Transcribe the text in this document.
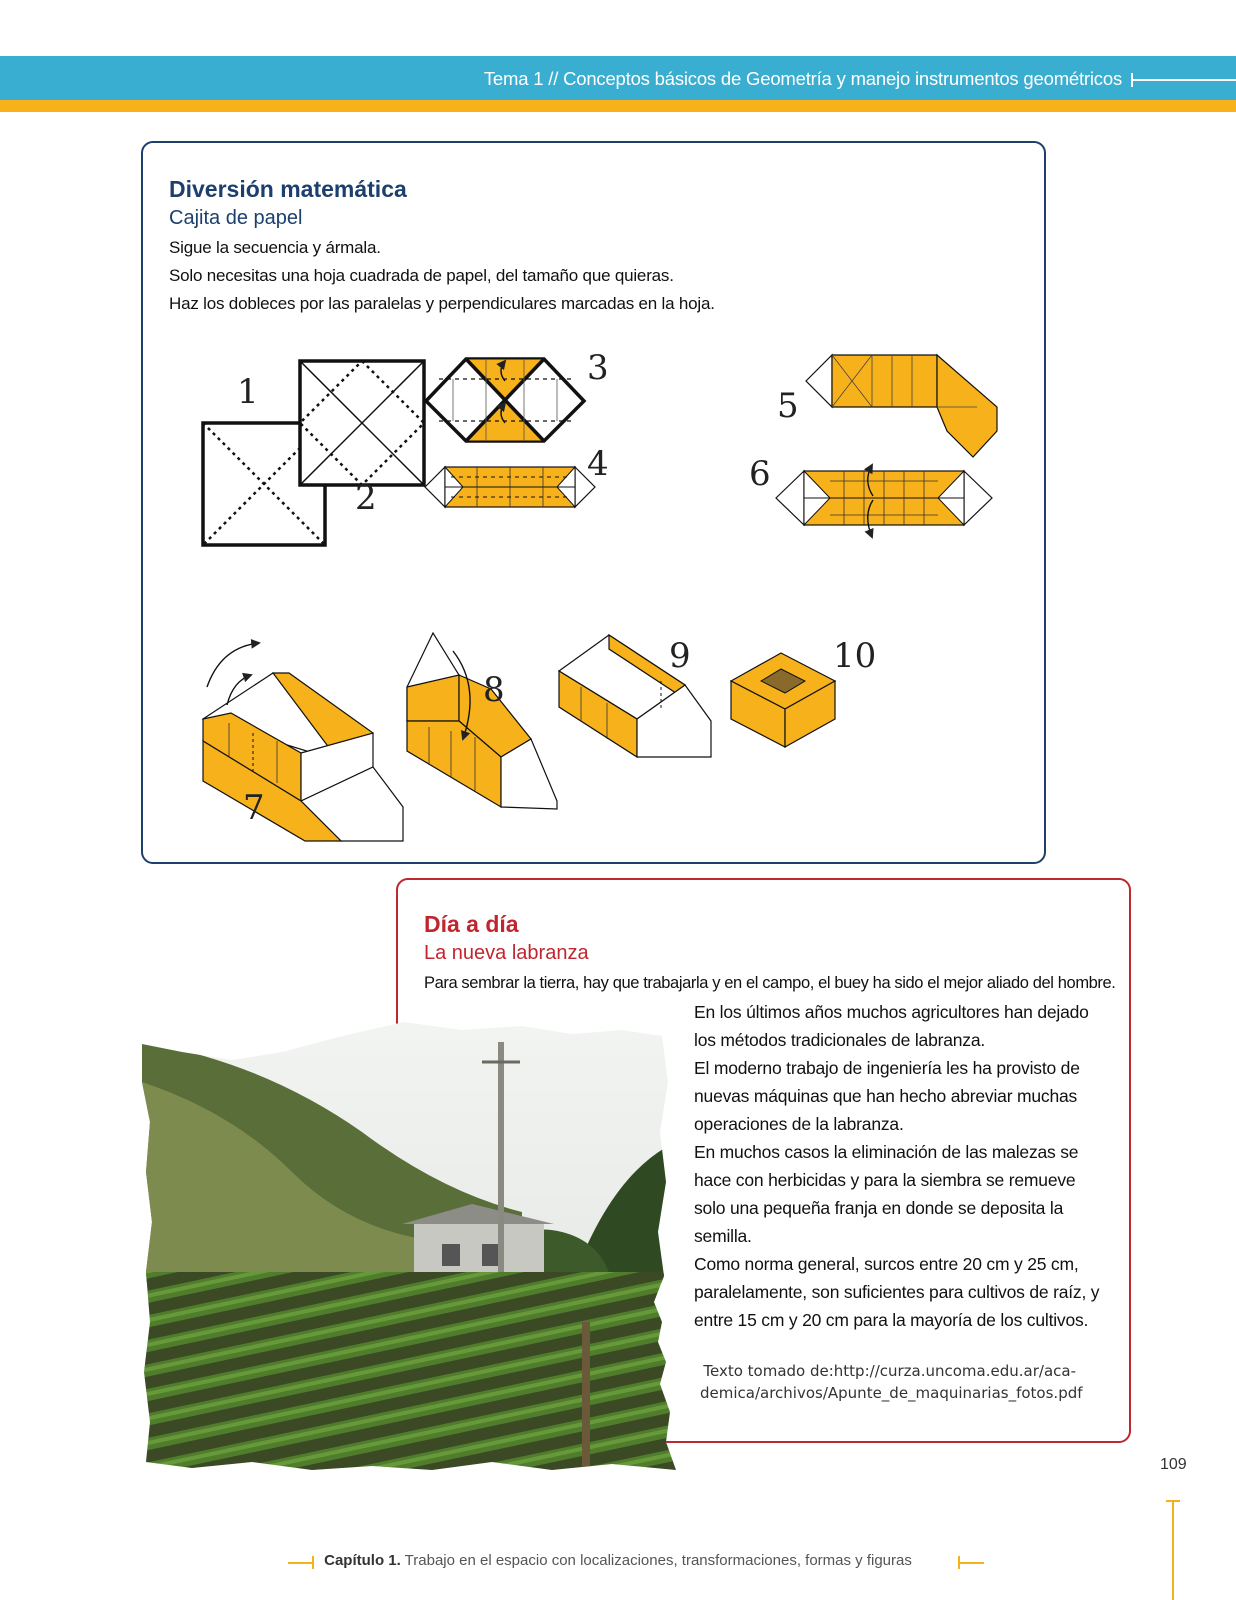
Tema 1 // Conceptos básicos de Geometría y manejo instrumentos geométricos
Diversión matemática
Cajita de papel
Sigue la secuencia y ármala.
Solo necesitas una hoja cuadrada de papel, del tamaño que quieras.
Haz los dobleces por las paralelas y perpendiculares marcadas en la hoja.
1
2
3
4
5
6
7
8
9	10
Día a día
La nueva labranza
Para sembrar la tierra, hay que trabajarla y en el campo, el buey ha sido el mejor aliado del hombre.
En los últimos años muchos agricultores han dejado
los métodos tradicionales de labranza.
El moderno trabajo de ingeniería les ha provisto de
nuevas máquinas que han hecho abreviar muchas
operaciones de la labranza.
En muchos casos la eliminación de las malezas se
hace con herbicidas y para la siembra se remueve
solo una pequeña franja en donde se deposita la
semilla.
Como norma general, surcos entre 20 cm y 25 cm,
paralelamente, son suficientes para cultivos de raíz, y
entre 15 cm y 20 cm para la mayoría de los cultivos.
Texto tomado de:http://curza.uncoma.edu.ar/aca-
demica/archivos/Apunte_de_maquinarias_fotos.pdf
109
Capítulo 1. Trabajo en el espacio con localizaciones, transformaciones, formas y figuras
